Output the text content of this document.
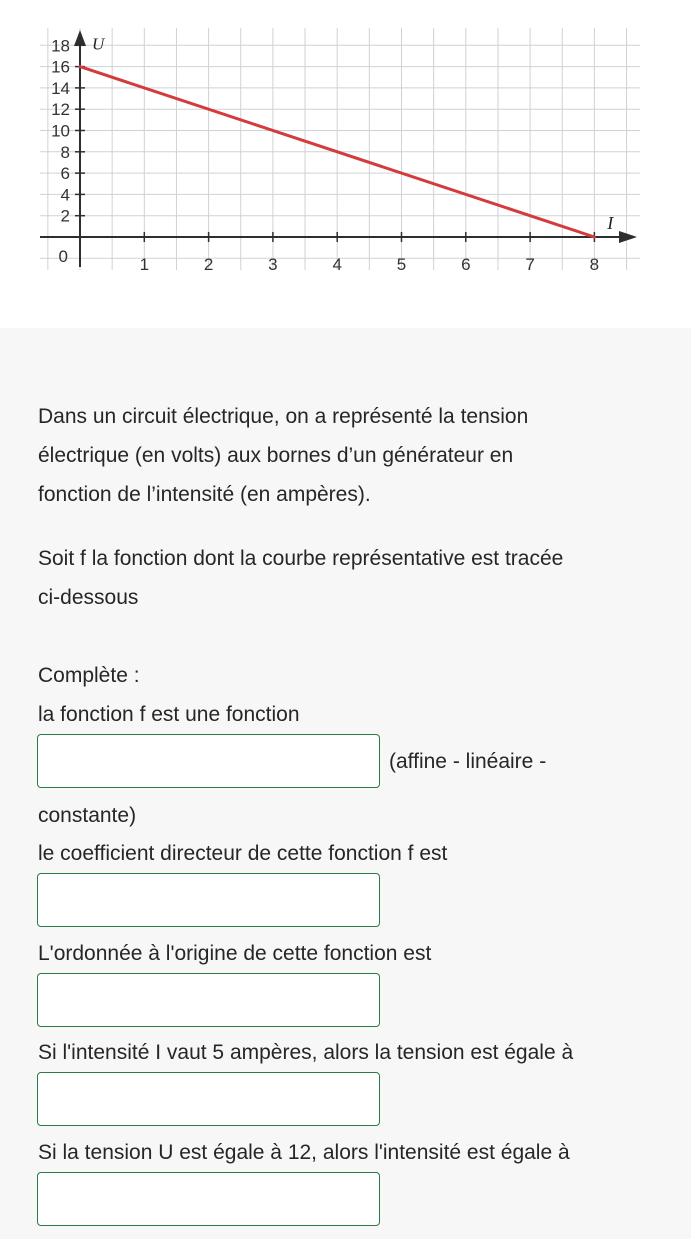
1	2	3	4	5	6	7	8
2
4
6
8
10
12
14
16
18
0
U
I
Dans un circuit électrique, on a représenté la tension
électrique (en volts) aux bornes d’un générateur en
fonction de l’intensité (en ampères).
Soit f la fonction dont la courbe représentative est tracée
ci-dessous
Complète :
la fonction f est une fonction
(affine - linéaire -
constante)
le coefficient directeur de cette fonction f est
L'ordonnée à l'origine de cette fonction est
Si l'intensité I vaut 5 ampères, alors la tension est égale à
Si la tension U est égale à 12, alors l'intensité est égale à
